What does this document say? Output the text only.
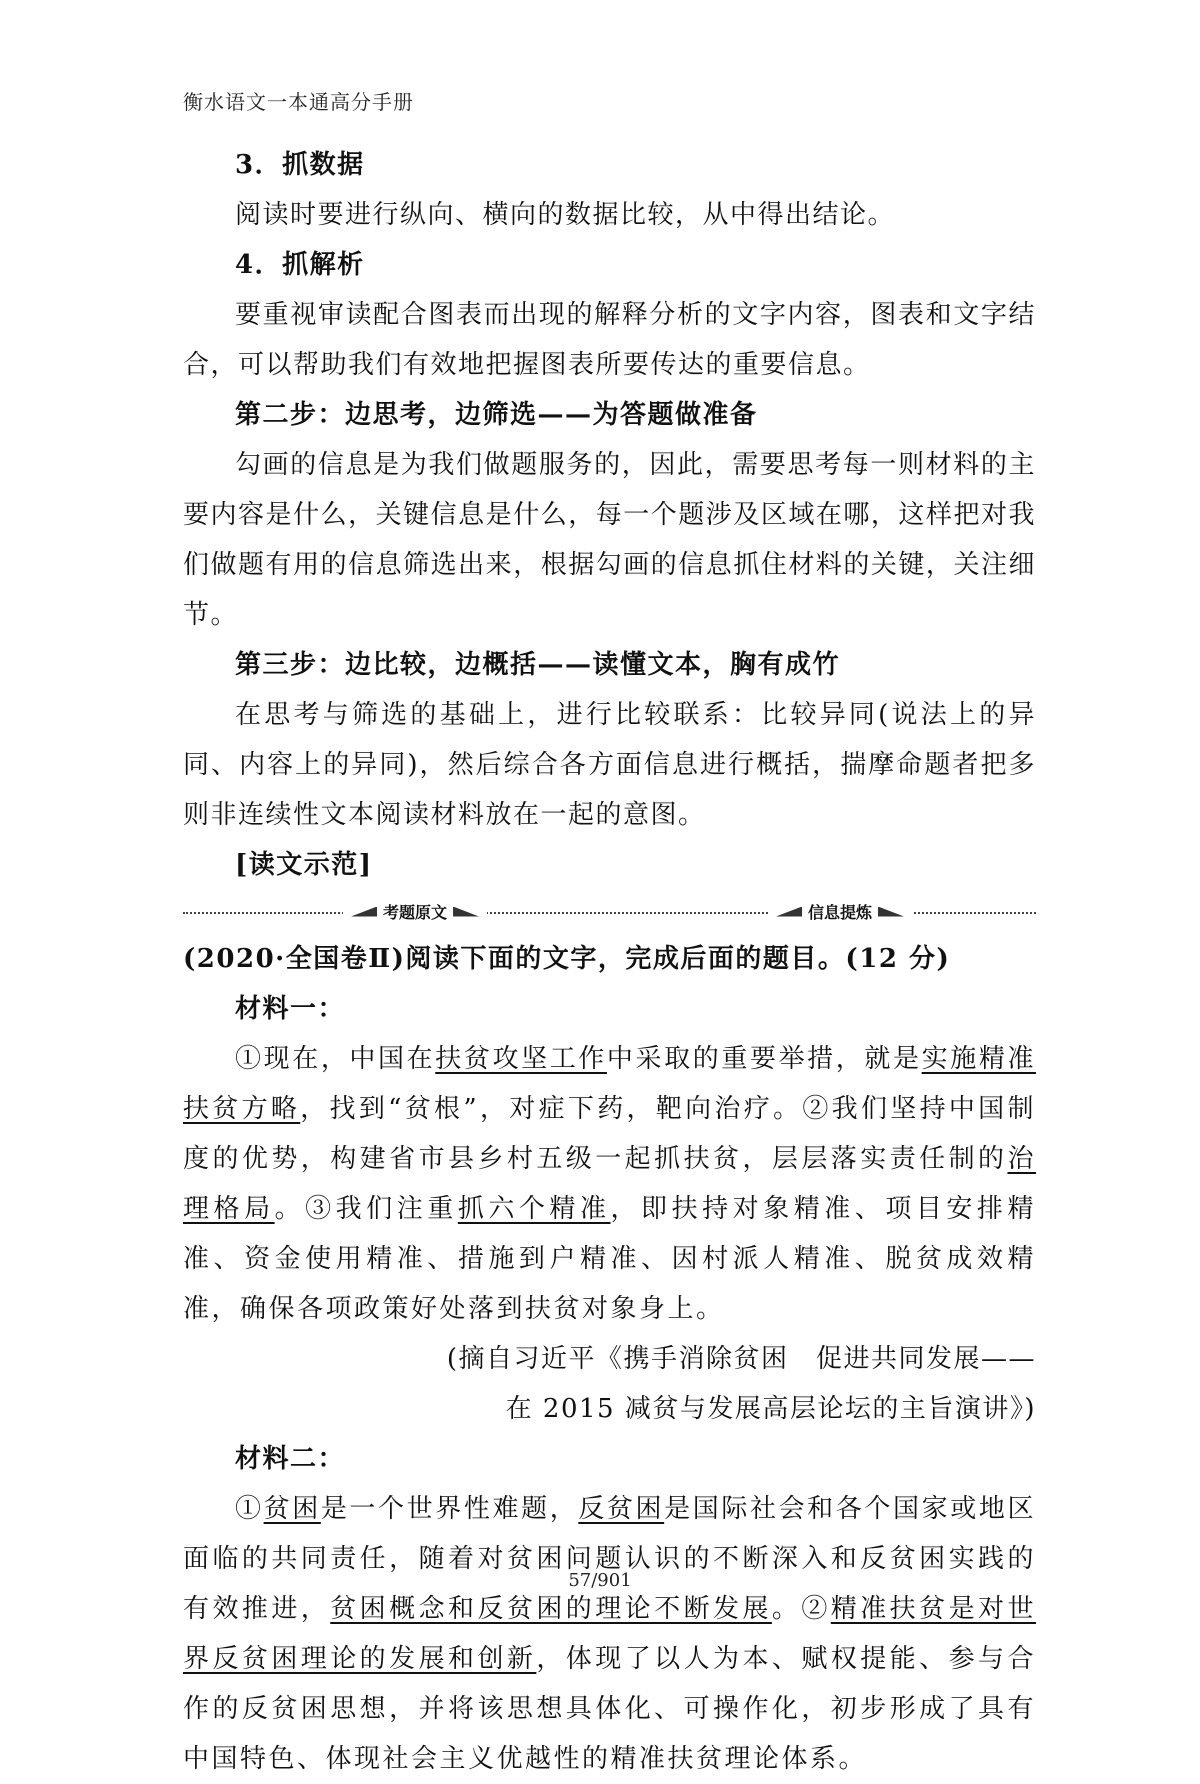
衡水语文一本通高分手册

3．抓数据

阅读时要进行纵向、横向的数据比较，从中得出结论。

4．抓解析

要重视审读配合图表而出现的解释分析的文字内容，图表和文字结合，可以帮助我们有效地把握图表所要传达的重要信息。

第二步：边思考，边筛选——为答题做准备

勾画的信息是为我们做题服务的，因此，需要思考每一则材料的主要内容是什么，关键信息是什么，每一个题涉及区域在哪，这样把对我们做题有用的信息筛选出来，根据勾画的信息抓住材料的关键，关注细节。

第三步：边比较，边概括——读懂文本，胸有成竹

在思考与筛选的基础上，进行比较联系：比较异同(说法上的异同、内容上的异同)，然后综合各方面信息进行概括，揣摩命题者把多则非连续性文本阅读材料放在一起的意图。

[读文示范]

考题原文	信息提炼

(2020·全国卷Ⅱ)阅读下面的文字，完成后面的题目。(12 分)

材料一：

①现在，中国在扶贫攻坚工作中采取的重要举措，就是实施精准扶贫方略，找到“贫根”，对症下药，靶向治疗。②我们坚持中国制度的优势，构建省市县乡村五级一起抓扶贫，层层落实责任制的治理格局。③我们注重抓六个精准，即扶持对象精准、项目安排精准、资金使用精准、措施到户精准、因村派人精准、脱贫成效精准，确保各项政策好处落到扶贫对象身上。

(摘自习近平《携手消除贫困　促进共同发展——

在 2015 减贫与发展高层论坛的主旨演讲》)

材料二：

①贫困是一个世界性难题，反贫困是国际社会和各个国家或地区面临的共同责任，随着对贫困问题认识的不断深入和反贫困实践的有效推进，贫困概念和反贫困的理论不断发展。②精准扶贫是对世界反贫困理论的发展和创新，体现了以人为本、赋权提能、参与合作的反贫困思想，并将该思想具体化、可操作化，初步形成了具有中国特色、体现社会主义优越性的精准扶贫理论体系。

57/901
